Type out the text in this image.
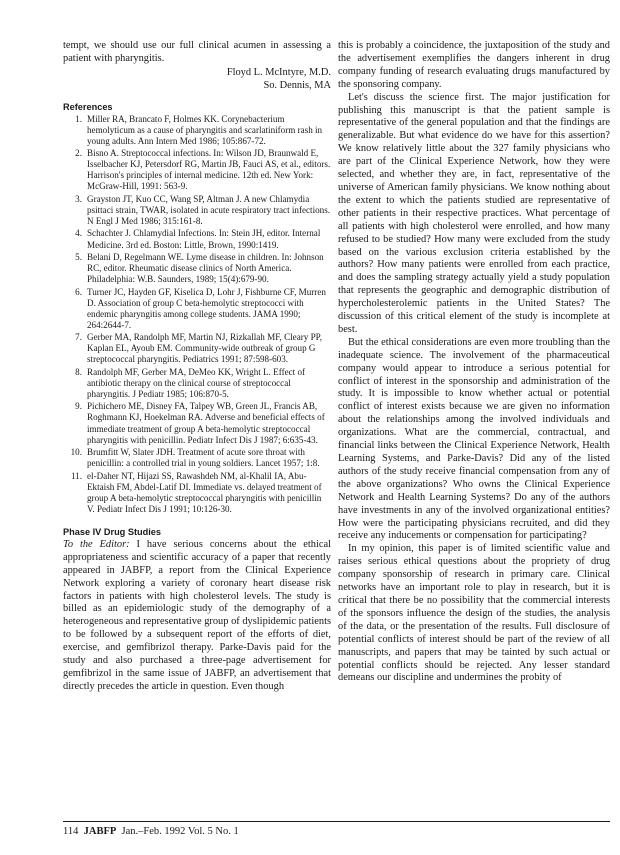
tempt, we should use our full clinical acumen in assessing a patient with pharyngitis.

Floyd L. McIntyre, M.D.

So. Dennis, MA

References
1. Miller RA, Brancato F, Holmes KK. Corynebacterium hemolyticum as a cause of pharyngitis and scarlatiniform rash in young adults. Ann Intern Med 1986; 105:867-72.
2. Bisno A. Streptococcal infections. In: Wilson JD, Braunwald E, Isselbacher KJ, Petersdorf RG, Martin JB, Fauci AS, et al., editors. Harrison's principles of internal medicine. 12th ed. New York: McGraw-Hill, 1991: 563-9.
3. Grayston JT, Kuo CC, Wang SP, Altman J. A new Chlamydia psittaci strain, TWAR, isolated in acute respiratory tract infections. N Engl J Med 1986; 315:161-8.
4. Schachter J. Chlamydial Infections. In: Stein JH, editor. Internal Medicine. 3rd ed. Boston: Little, Brown, 1990:1419.
5. Belani D, Regelmann WE. Lyme disease in children. In: Johnson RC, editor. Rheumatic disease clinics of North America. Philadelphia: W.B. Saunders, 1989; 15(4):679-90.
6. Turner JC, Hayden GF, Kiselica D, Lohr J, Fishburne CF, Murren D. Association of group C beta-hemolytic streptococci with endemic pharyngitis among college students. JAMA 1990; 264:2644-7.
7. Gerber MA, Randolph MF, Martin NJ, Rizkallah MF, Cleary PP, Kaplan EL, Ayoub EM. Community-wide outbreak of group G streptococcal pharyngitis. Pediatrics 1991; 87:598-603.
8. Randolph MF, Gerber MA, DeMeo KK, Wright L. Effect of antibiotic therapy on the clinical course of streptococcal pharyngitis. J Pediatr 1985; 106:870-5.
9. Pichichero ME, Disney FA, Talpey WB, Green JL, Francis AB, Roghmann KJ, Hoekelman RA. Adverse and beneficial effects of immediate treatment of group A beta-hemolytic streptococcal pharyngitis with penicillin. Pediatr Infect Dis J 1987; 6:635-43.
10. Brumfitt W, Slater JDH. Treatment of acute sore throat with penicillin: a controlled trial in young soldiers. Lancet 1957; 1:8.
11. el-Daher NT, Hijazi SS, Rawashdeh NM, al-Khalil IA, Abu-Ektaish FM, Abdel-Latif DI. Immediate vs. delayed treatment of group A beta-hemolytic streptococcal pharyngitis with penicillin V. Pediatr Infect Dis J 1991; 10:126-30.
Phase IV Drug Studies

To the Editor: I have serious concerns about the ethical appropriateness and scientific accuracy of a paper that recently appeared in JABFP, a report from the Clinical Experience Network exploring a variety of coronary heart disease risk factors in patients with high cholesterol levels. The study is billed as an epidemiologic study of the demography of a heterogeneous and representative group of dyslipidemic patients to be followed by a subsequent report of the efforts of diet, exercise, and gemfibrizol therapy. Parke-Davis paid for the study and also purchased a three-page advertisement for gemfibrizol in the same issue of JABFP, an advertisement that directly precedes the article in question. Even though

this is probably a coincidence, the juxtaposition of the study and the advertisement exemplifies the dangers inherent in drug company funding of research evaluating drugs manufactured by the sponsoring company.

Let's discuss the science first. The major justification for publishing this manuscript is that the patient sample is representative of the general population and that the findings are generalizable. But what evidence do we have for this assertion? We know relatively little about the 327 family physicians who are part of the Clinical Experience Network, how they were selected, and whether they are, in fact, representative of the universe of American family physicians. We know nothing about the extent to which the patients studied are representative of other patients in their respective practices. What percentage of all patients with high cholesterol were enrolled, and how many refused to be studied? How many were excluded from the study based on the various exclusion criteria established by the authors? How many patients were enrolled from each practice, and does the sampling strategy actually yield a study population that represents the geographic and demographic distribution of hypercholesterolemic patients in the United States? The discussion of this critical element of the study is incomplete at best.

But the ethical considerations are even more troubling than the inadequate science. The involvement of the pharmaceutical company would appear to introduce a serious potential for conflict of interest in the sponsorship and administration of the study. It is impossible to know whether actual or potential conflict of interest exists because we are given no information about the relationships among the involved individuals and organizations. What are the commercial, contractual, and financial links between the Clinical Experience Network, Health Learning Systems, and Parke-Davis? Did any of the listed authors of the study receive financial compensation from any of the above organizations? Who owns the Clinical Experience Network and Health Learning Systems? Do any of the authors have investments in any of the involved organizational entities? How were the participating physicians recruited, and did they receive any inducements or compensation for participating?

In my opinion, this paper is of limited scientific value and raises serious ethical questions about the propriety of drug company sponsorship of research in primary care. Clinical networks have an important role to play in research, but it is critical that there be no possibility that the commercial interests of the sponsors influence the design of the studies, the analysis of the data, or the presentation of the results. Full disclosure of potential conflicts of interest should be part of the review of all manuscripts, and papers that may be tainted by such actual or potential conflicts should be rejected. Any lesser standard demeans our discipline and undermines the probity of

114 JABFP Jan.–Feb. 1992 Vol. 5 No. 1
